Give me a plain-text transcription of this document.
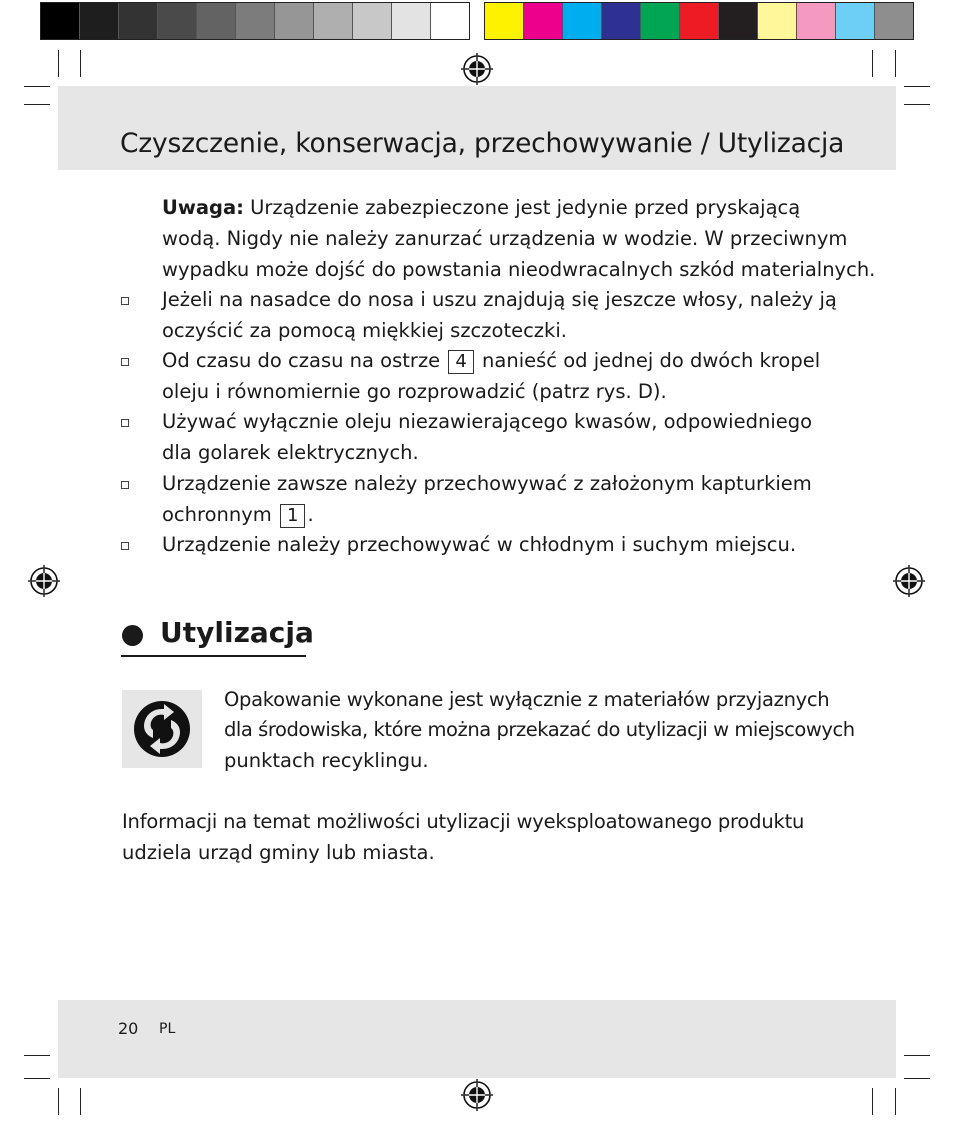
Czyszczenie, konserwacja, przechowywanie / Utylizacja
Uwaga: Urządzenie zabezpieczone jest jedynie przed pryskającą
wodą. Nigdy nie należy zanurzać urządzenia w wodzie. W przeciwnym
wypadku może dojść do powstania nieodwracalnych szkód materialnych.
Jeżeli na nasadce do nosa i uszu znajdują się jeszcze włosy, należy ją
oczyścić za pomocą miękkiej szczoteczki.
Od czasu do czasu na ostrze 4 nanieść od jednej do dwóch kropel
oleju i równomiernie go rozprowadzić (patrz rys. D).
Używać wyłącznie oleju niezawierającego kwasów, odpowiedniego
dla golarek elektrycznych.
Urządzenie zawsze należy przechowywać z założonym kapturkiem
ochronnym 1 .
Urządzenie należy przechowywać w chłodnym i suchym miejscu.
Utylizacja
Opakowanie wykonane jest wyłącznie z materiałów przyjaznych
dla środowiska, które można przekazać do utylizacji w miejscowych
punktach recyklingu.
Informacji na temat możliwości utylizacji wyeksploatowanego produktu
udziela urząd gminy lub miasta.
20 PL
